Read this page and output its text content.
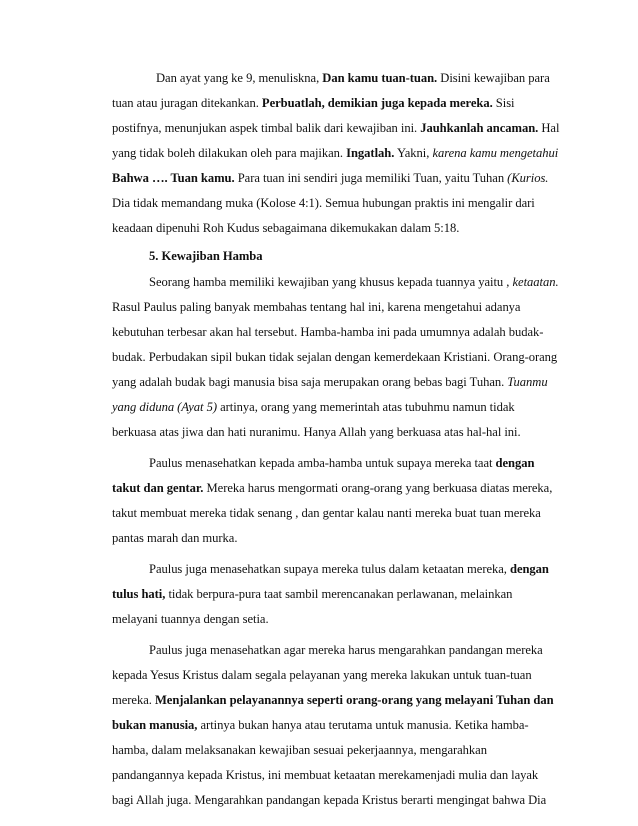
Dan ayat yang ke 9, menuliskna, Dan kamu tuan-tuan. Disini kewajiban para
tuan atau juragan ditekankan. Perbuatlah, demikian juga kepada mereka. Sisi
postifnya, menunjukan aspek timbal balik dari kewajiban ini. Jauhkanlah ancaman. Hal
yang tidak boleh dilakukan oleh para majikan. Ingatlah. Yakni, karena kamu mengetahui
Bahwa …. Tuan kamu. Para tuan ini sendiri juga memiliki Tuan, yaitu Tuhan (Kurios.
Dia tidak memandang muka (Kolose 4:1). Semua hubungan praktis ini mengalir dari
keadaan dipenuhi Roh Kudus sebagaimana dikemukakan dalam 5:18.
5. Kewajiban Hamba
Seorang hamba memiliki kewajiban yang khusus kepada tuannya yaitu , ketaatan.
Rasul Paulus paling banyak membahas tentang hal ini, karena mengetahui adanya
kebutuhan terbesar akan hal tersebut. Hamba-hamba ini pada umumnya adalah budak-
budak. Perbudakan sipil bukan tidak sejalan dengan kemerdekaan Kristiani. Orang-orang
yang adalah budak bagi manusia bisa saja merupakan orang bebas bagi Tuhan. Tuanmu
yang diduna (Ayat 5) artinya, orang yang memerintah atas tubuhmu namun tidak
berkuasa atas jiwa dan hati nuranimu. Hanya Allah yang berkuasa atas hal-hal ini.
Paulus menasehatkan kepada amba-hamba untuk supaya mereka taat dengan
takut dan gentar. Mereka harus mengormati orang-orang yang berkuasa diatas mereka,
takut membuat mereka tidak senang , dan gentar kalau nanti mereka buat tuan mereka
pantas marah dan murka.
Paulus juga menasehatkan supaya mereka tulus dalam ketaatan mereka, dengan
tulus hati, tidak berpura-pura taat sambil merencanakan perlawanan, melainkan
melayani tuannya dengan setia.
Paulus juga menasehatkan agar mereka harus mengarahkan pandangan mereka
kepada Yesus Kristus dalam segala pelayanan yang mereka lakukan untuk tuan-tuan
mereka. Menjalankan pelayanannya seperti orang-orang yang melayani Tuhan dan
bukan manusia, artinya bukan hanya atau terutama untuk manusia. Ketika hamba-
hamba, dalam melaksanakan kewajiban sesuai pekerjaannya, mengarahkan
pandangannya kepada Kristus, ini membuat ketaatan merekamenjadi mulia dan layak
bagi Allah juga. Mengarahkan pandangan kepada Kristus berarti mengingat bahwa Dia
